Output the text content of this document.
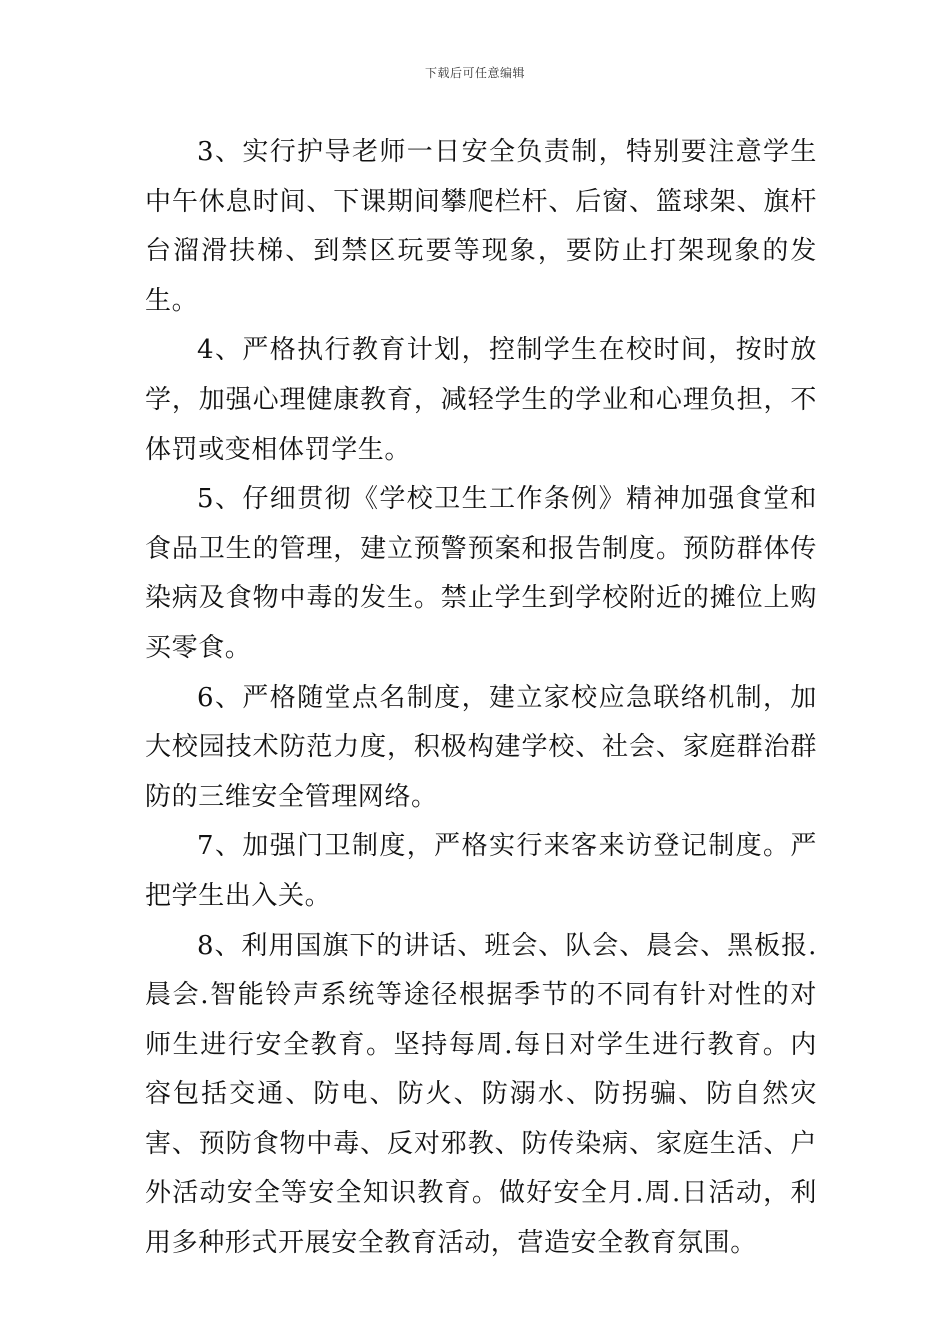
下载后可任意编辑

3、实行护导老师一日安全负责制，特别要注意学生中午休息时间、下课期间攀爬栏杆、后窗、篮球架、旗杆台溜滑扶梯、到禁区玩要等现象，要防止打架现象的发生。

4、严格执行教育计划，控制学生在校时间，按时放学，加强心理健康教育，减轻学生的学业和心理负担，不体罚或变相体罚学生。

5、仔细贯彻《学校卫生工作条例》精神加强食堂和食品卫生的管理，建立预警预案和报告制度。预防群体传染病及食物中毒的发生。禁止学生到学校附近的摊位上购买零食。

6、严格随堂点名制度，建立家校应急联络机制，加大校园技术防范力度，积极构建学校、社会、家庭群治群防的三维安全管理网络。

7、加强门卫制度，严格实行来客来访登记制度。严把学生出入关。

8、利用国旗下的讲话、班会、队会、晨会、黑板报.晨会.智能铃声系统等途径根据季节的不同有针对性的对师生进行安全教育。坚持每周.每日对学生进行教育。内容包括交通、防电、防火、防溺水、防拐骗、防自然灾害、预防食物中毒、反对邪教、防传染病、家庭生活、户外活动安全等安全知识教育。做好安全月.周.日活动，利用多种形式开展安全教育活动，营造安全教育氛围。
